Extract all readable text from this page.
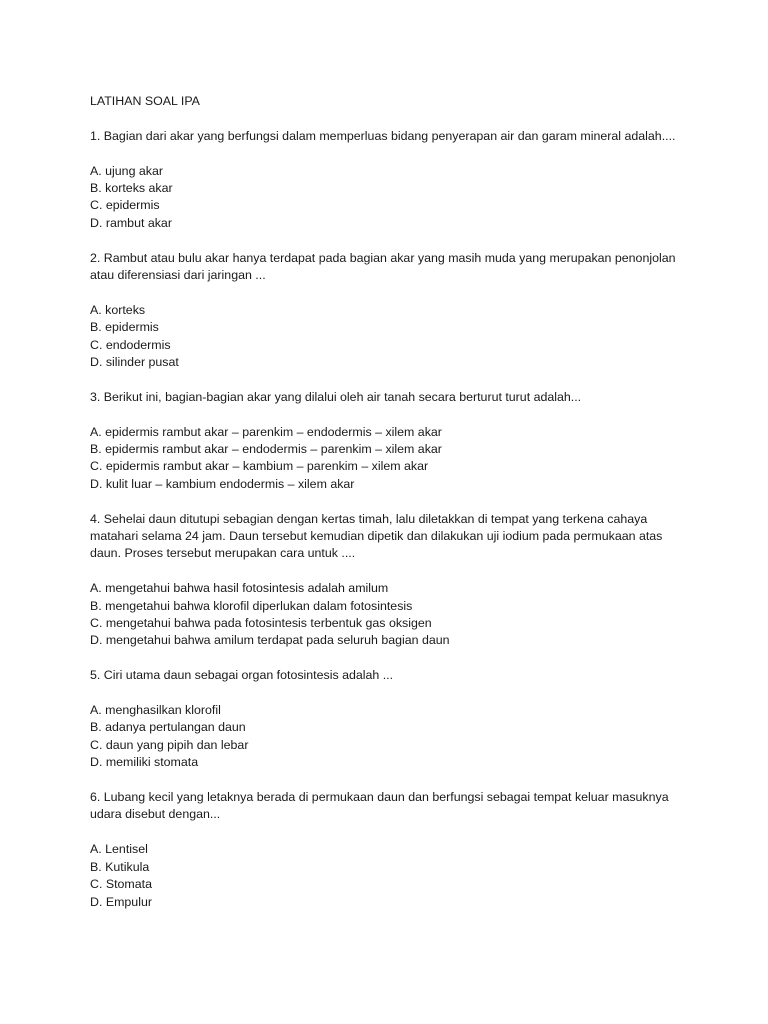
LATIHAN SOAL IPA
1. Bagian dari akar yang berfungsi dalam memperluas bidang penyerapan air dan garam mineral adalah....
A. ujung akar
B. korteks akar
C. epidermis
D. rambut akar
2. Rambut atau bulu akar hanya terdapat pada bagian akar yang masih muda yang merupakan penonjolan atau diferensiasi dari jaringan ...
A. korteks
B. epidermis
C. endodermis
D. silinder pusat
3. Berikut ini, bagian-bagian akar yang dilalui oleh air tanah secara berturut turut adalah...
A. epidermis rambut akar – parenkim – endodermis – xilem akar
B. epidermis rambut akar – endodermis – parenkim – xilem akar
C. epidermis rambut akar – kambium – parenkim – xilem akar
D. kulit luar – kambium endodermis – xilem akar
4. Sehelai daun ditutupi sebagian dengan kertas timah, lalu diletakkan di tempat yang terkena cahaya matahari selama 24 jam. Daun tersebut kemudian dipetik dan dilakukan uji iodium pada permukaan atas daun. Proses tersebut merupakan cara untuk ....
A. mengetahui bahwa hasil fotosintesis adalah amilum
B. mengetahui bahwa klorofil diperlukan dalam fotosintesis
C. mengetahui bahwa pada fotosintesis terbentuk gas oksigen
D. mengetahui bahwa amilum terdapat pada seluruh bagian daun
5. Ciri utama daun sebagai organ fotosintesis adalah ...
A. menghasilkan klorofil
B. adanya pertulangan daun
C. daun yang pipih dan lebar
D. memiliki stomata
6. Lubang kecil yang letaknya berada di permukaan daun dan berfungsi sebagai tempat keluar masuknya udara disebut dengan...
A. Lentisel
B. Kutikula
C. Stomata
D. Empulur
